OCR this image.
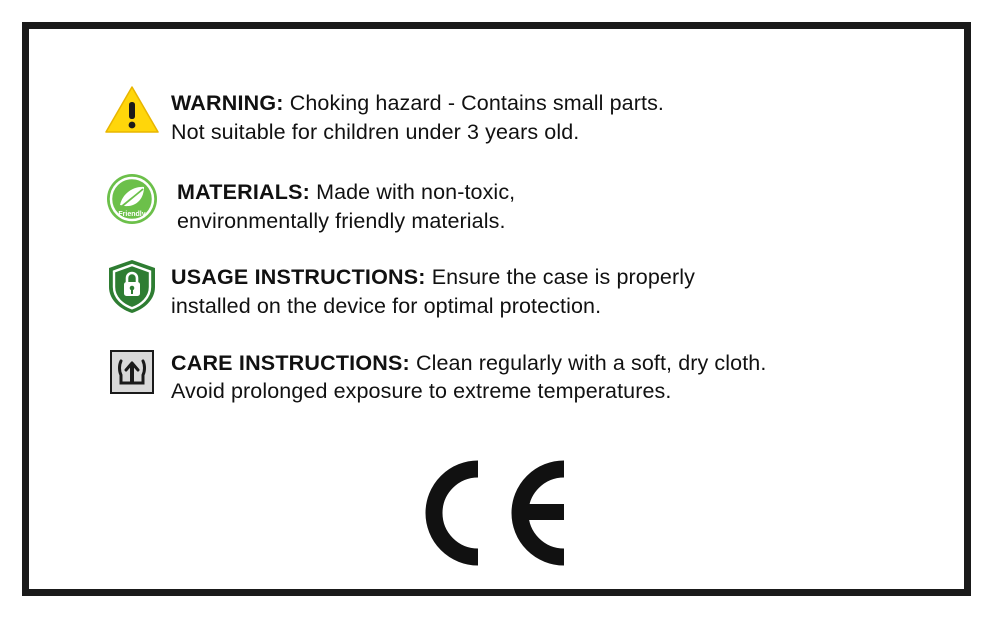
WARNING: Choking hazard - Contains small parts.
Not suitable for children under 3 years old.
Friendly
MATERIALS: Made with non-toxic,
environmentally friendly materials.
USAGE INSTRUCTIONS: Ensure the case is properly
installed on the device for optimal protection.
CARE INSTRUCTIONS: Clean regularly with a soft, dry cloth.
Avoid prolonged exposure to extreme temperatures.
